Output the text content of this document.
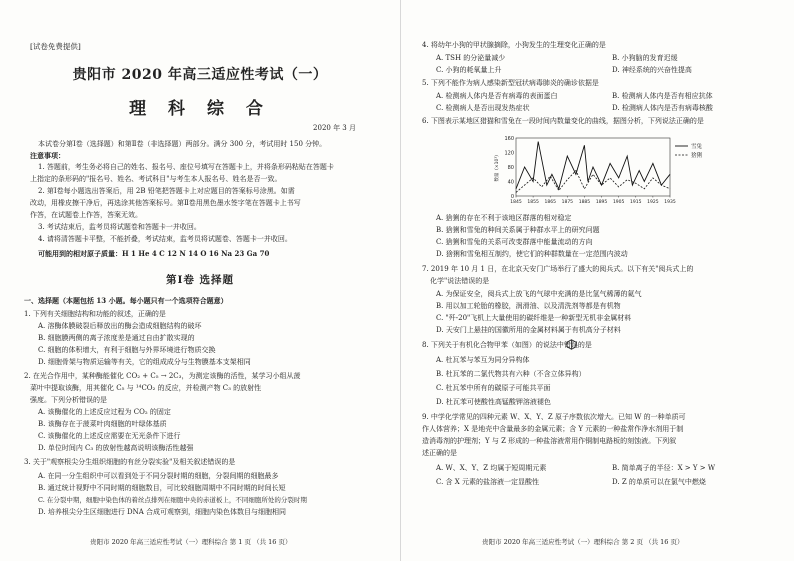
[试卷免费提供]
贵阳市 2020 年高三适应性考试（一）
理 科 综 合
2020 年 3 月
本试卷分第Ⅰ卷（选择题）和第Ⅱ卷（非选择题）两部分。满分 300 分，考试用时 150 分钟。
注意事项：
1. 答题前，考生务必将自己的姓名、报名号、座位号填写在答题卡上，并将条形码粘贴在答题卡
上指定的条形码的"报名号、姓名、考试科目"与考生本人报名号、姓名是否一致。
2. 第Ⅰ卷每小题选出答案后，用 2B 铅笔把答题卡上对应题目的答案标号涂黑。如需
改动，用橡皮擦干净后，再选涂其他答案标号。第Ⅱ卷用黑色墨水签字笔在答题卡上书写
作答，在试题卷上作答，答案无效。
3. 考试结束后，监考员将试题卷和答题卡一并收回。
4. 请将清答题卡平整，不能折叠，考试结束，监考员将试题卷、答题卡一并收回。
可能用到的相对原子质量：H 1 He 4 C 12 N 14 O 16 Na 23 Ga 70
第Ⅰ卷 选择题
一、选择题（本题包括 13 小题。每小题只有一个选项符合题意）
1. 下列有关细胞结构和功能的叙述，正确的是
A. 溶酶体膜破裂后释放出的酶会造成细胞结构的破坏
B. 细胞膜两侧的离子浓度差是通过自由扩散实现的
C. 细胞的体积增大，有利于细胞与外界环境进行物质交换
D. 细胞骨架与物质运输等有关，它的组成成分与生物膜基本支架相同
2. 在光合作用中，某种酶能催化 CO₂ + C₅ → 2C₃，为测定该酶的活性，某学习小组从菠
菜叶中提取该酶，用其催化 C₅ 与 ¹⁴CO₂ 的反应，并检测产物 C₃ 的放射性
强度。下列分析错误的是
A. 该酶催化的上述反应过程为 CO₂ 的固定
B. 该酶存在于菠菜叶肉细胞的叶绿体基质
C. 该酶催化的上述反应需要在无光条件下进行
D. 单位时间内 C₃ 的放射性越高说明该酶活性越强
3. 关于"观察根尖分生组织细胞的有丝分裂实验"及相关叙述错误的是
A. 在同一分生组织中可以看到处于不同分裂时期的细胞，分裂间期的细胞最多
B. 通过统计视野中不同时期的细胞数目，可比较细胞周期中不同时期的时间长短
C. 在分裂中期，细胞中染色体的着丝点排列在细胞中央的赤道板上，不同细胞所处的分裂时期
D. 培养根尖分生区细胞进行 DNA 合成可观察到，细胞内染色体数目与细胞相同
贵阳市 2020 年高三适应性考试（一）理科综合 第 1 页 （共 16 页）
4. 将幼年小狗的甲状腺摘除，小狗发生的生理变化正确的是
A. TSH 的分泌量减少	B. 小狗脑的发育迟缓
C. 小狗的耗氧量上升	D. 神经系统的兴奋性提高
5. 下列不能作为病人感染新型冠状病毒肺炎的确诊依据是
A. 检测病人体内是否有病毒的表面蛋白	B. 检测病人体内是否有相应抗体
C. 检测病人是否出现发热症状	D. 检测病人体内是否有病毒核酸
6. 下图表示某地区猎猫和雪兔在一段时间内数量变化的曲线，据图分析，下列说法正确的是
0
40
80
120
160
1845 1855 1865 1875 1885 1895 1905 1915 1925 1935
数量（×10³）
雪兔
猞猁
A. 猞猁的存在不利于该地区群落的相对稳定
B. 猞猁和雪兔的种间关系属于种群水平上的研究问题
C. 猞猁和雪兔的关系可改变群落中能量流动的方向
D. 猞猁和雪兔相互制约，使它们的种群数量在一定范围内波动
7. 2019 年 10 月 1 日，在北京天安门广场举行了盛大的阅兵式。以下有关"阅兵式上的
化学"说法错误的是
A. 为保证安全，阅兵式上放飞的气球中充满的是比氢气稀薄的氦气
B. 用以加工轮胎的橡胶，润滑油、以及清洗剂等都是有机物
C. "歼-20"飞机上大量使用的碳纤维是一种新型无机非金属材料
D. 天安门上悬挂的国徽所用的金属材料属于有机高分子材料
8. 下列关于有机化合物甲苯（如图）的说法中错误的是
A. 杜瓦苯与苯互为同分异构体
B. 杜瓦苯的二氯代物共有六种（不含立体异构）
C. 杜瓦苯中所有的碳原子可能共平面
D. 杜瓦苯可使酸性高锰酸钾溶液褪色
9. 中学化学常见的四种元素 W、X、Y、Z 原子序数依次增大。已知 W 的一种单质可
作人体营养；X 是地壳中含量最多的金属元素；含 Y 元素的一种盐常作净水剂用于制
造消毒剂的护理剂；Y 与 Z 形成的一种盐溶液常用作铜制电路板的刻蚀液。下列叙
述正确的是
A. W、X、Y、Z 均属于短周期元素	B. 简单离子的半径：X > Y > W
C. 含 X 元素的盐溶液一定显酸性	D. Z 的单质可以在氯气中燃烧
贵阳市 2020 年高三适应性考试（一）理科综合 第 2 页 （共 16 页）
